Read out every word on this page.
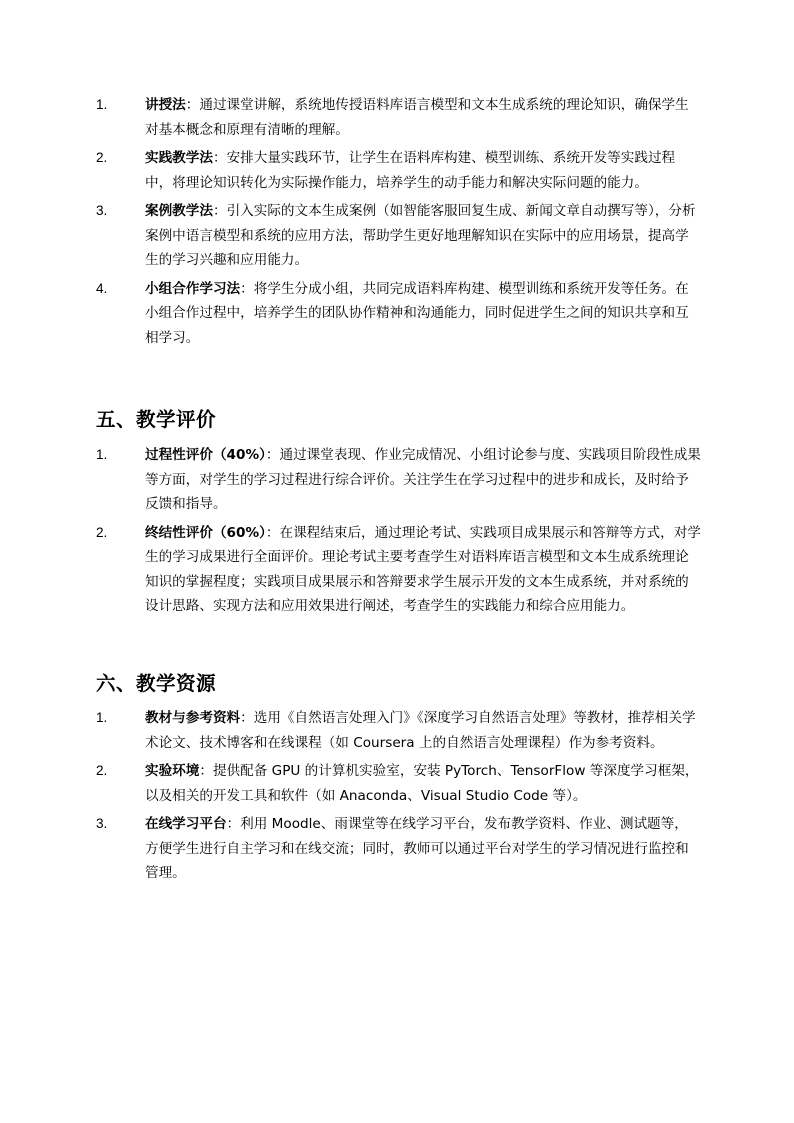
1.	讲授法：通过课堂讲解，系统地传授语料库语言模型和文本生成系统的理论知识，确保学生对基本概念和原理有清晰的理解。
2.	实践教学法：安排大量实践环节，让学生在语料库构建、模型训练、系统开发等实践过程中，将理论知识转化为实际操作能力，培养学生的动手能力和解决实际问题的能力。
3.	案例教学法：引入实际的文本生成案例（如智能客服回复生成、新闻文章自动撰写等），分析案例中语言模型和系统的应用方法，帮助学生更好地理解知识在实际中的应用场景，提高学生的学习兴趣和应用能力。
4.	小组合作学习法：将学生分成小组，共同完成语料库构建、模型训练和系统开发等任务。在小组合作过程中，培养学生的团队协作精神和沟通能力，同时促进学生之间的知识共享和互相学习。
五、教学评价
1.	过程性评价（40%）：通过课堂表现、作业完成情况、小组讨论参与度、实践项目阶段性成果等方面，对学生的学习过程进行综合评价。关注学生在学习过程中的进步和成长，及时给予反馈和指导。
2.	终结性评价（60%）：在课程结束后，通过理论考试、实践项目成果展示和答辩等方式，对学生的学习成果进行全面评价。理论考试主要考查学生对语料库语言模型和文本生成系统理论知识的掌握程度；实践项目成果展示和答辩要求学生展示开发的文本生成系统，并对系统的设计思路、实现方法和应用效果进行阐述，考查学生的实践能力和综合应用能力。
六、教学资源
1.	教材与参考资料：选用《自然语言处理入门》《深度学习自然语言处理》等教材，推荐相关学术论文、技术博客和在线课程（如 Coursera 上的自然语言处理课程）作为参考资料。
2.	实验环境：提供配备 GPU 的计算机实验室，安装 PyTorch、TensorFlow 等深度学习框架，以及相关的开发工具和软件（如 Anaconda、Visual Studio Code 等）。
3.	在线学习平台：利用 Moodle、雨课堂等在线学习平台，发布教学资料、作业、测试题等，方便学生进行自主学习和在线交流；同时，教师可以通过平台对学生的学习情况进行监控和管理。
